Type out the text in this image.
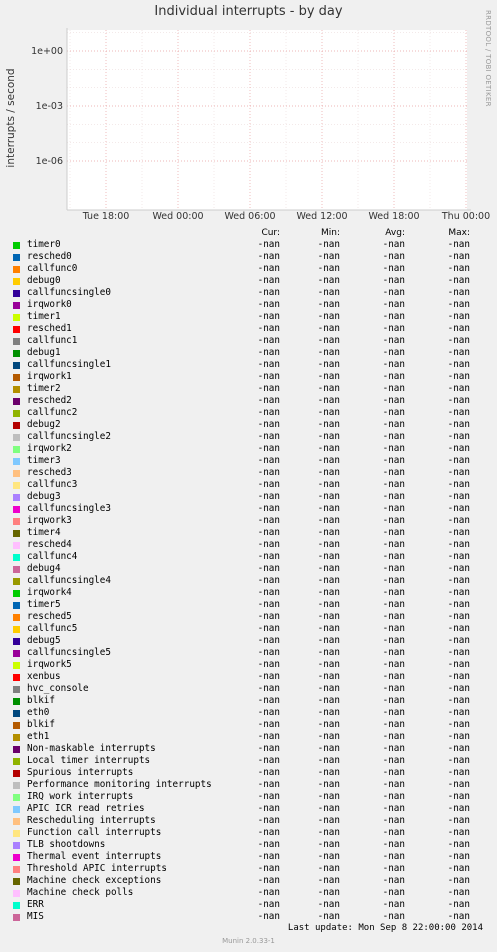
Individual interrupts - by day	RRDTOOL / TOBI OETIKER
1e+00
1e-03
1e-06
Tue 18:00 Wed 00:00 Wed 06:00 Wed 12:00 Wed 18:00 Thu 00:00
interrupts / second
Cur:	Min:	Avg:	Max:
timer0	-nan	-nan	-nan	-nan
resched0	-nan	-nan	-nan	-nan
callfunc0	-nan	-nan	-nan	-nan
debug0	-nan	-nan	-nan	-nan
callfuncsingle0	-nan	-nan	-nan	-nan
irqwork0	-nan	-nan	-nan	-nan
timer1	-nan	-nan	-nan	-nan
resched1	-nan	-nan	-nan	-nan
callfunc1	-nan	-nan	-nan	-nan
debug1	-nan	-nan	-nan	-nan
callfuncsingle1	-nan	-nan	-nan	-nan
irqwork1	-nan	-nan	-nan	-nan
timer2	-nan	-nan	-nan	-nan
resched2	-nan	-nan	-nan	-nan
callfunc2	-nan	-nan	-nan	-nan
debug2	-nan	-nan	-nan	-nan
callfuncsingle2	-nan	-nan	-nan	-nan
irqwork2	-nan	-nan	-nan	-nan
timer3	-nan	-nan	-nan	-nan
resched3	-nan	-nan	-nan	-nan
callfunc3	-nan	-nan	-nan	-nan
debug3	-nan	-nan	-nan	-nan
callfuncsingle3	-nan	-nan	-nan	-nan
irqwork3	-nan	-nan	-nan	-nan
timer4	-nan	-nan	-nan	-nan
resched4	-nan	-nan	-nan	-nan
callfunc4	-nan	-nan	-nan	-nan
debug4	-nan	-nan	-nan	-nan
callfuncsingle4	-nan	-nan	-nan	-nan
irqwork4	-nan	-nan	-nan	-nan
timer5	-nan	-nan	-nan	-nan
resched5	-nan	-nan	-nan	-nan
callfunc5	-nan	-nan	-nan	-nan
debug5	-nan	-nan	-nan	-nan
callfuncsingle5	-nan	-nan	-nan	-nan
irqwork5	-nan	-nan	-nan	-nan
xenbus	-nan	-nan	-nan	-nan
hvc_console	-nan	-nan	-nan	-nan
blkif	-nan	-nan	-nan	-nan
eth0	-nan	-nan	-nan	-nan
blkif	-nan	-nan	-nan	-nan
eth1	-nan	-nan	-nan	-nan
Non-maskable interrupts	-nan	-nan	-nan	-nan
Local timer interrupts	-nan	-nan	-nan	-nan
Spurious interrupts	-nan	-nan	-nan	-nan
Performance monitoring interrupts	-nan	-nan	-nan	-nan
IRQ work interrupts	-nan	-nan	-nan	-nan
APIC ICR read retries	-nan	-nan	-nan	-nan
Rescheduling interrupts	-nan	-nan	-nan	-nan
Function call interrupts	-nan	-nan	-nan	-nan
TLB shootdowns	-nan	-nan	-nan	-nan
Thermal event interrupts	-nan	-nan	-nan	-nan
Threshold APIC interrupts	-nan	-nan	-nan	-nan
Machine check exceptions	-nan	-nan	-nan	-nan
Machine check polls	-nan	-nan	-nan	-nan
ERR	-nan	-nan	-nan	-nan
MIS	-nan	-nan	-nan	-nan
Last update: Mon Sep 8 22:00:00 2014
Munin 2.0.33-1
